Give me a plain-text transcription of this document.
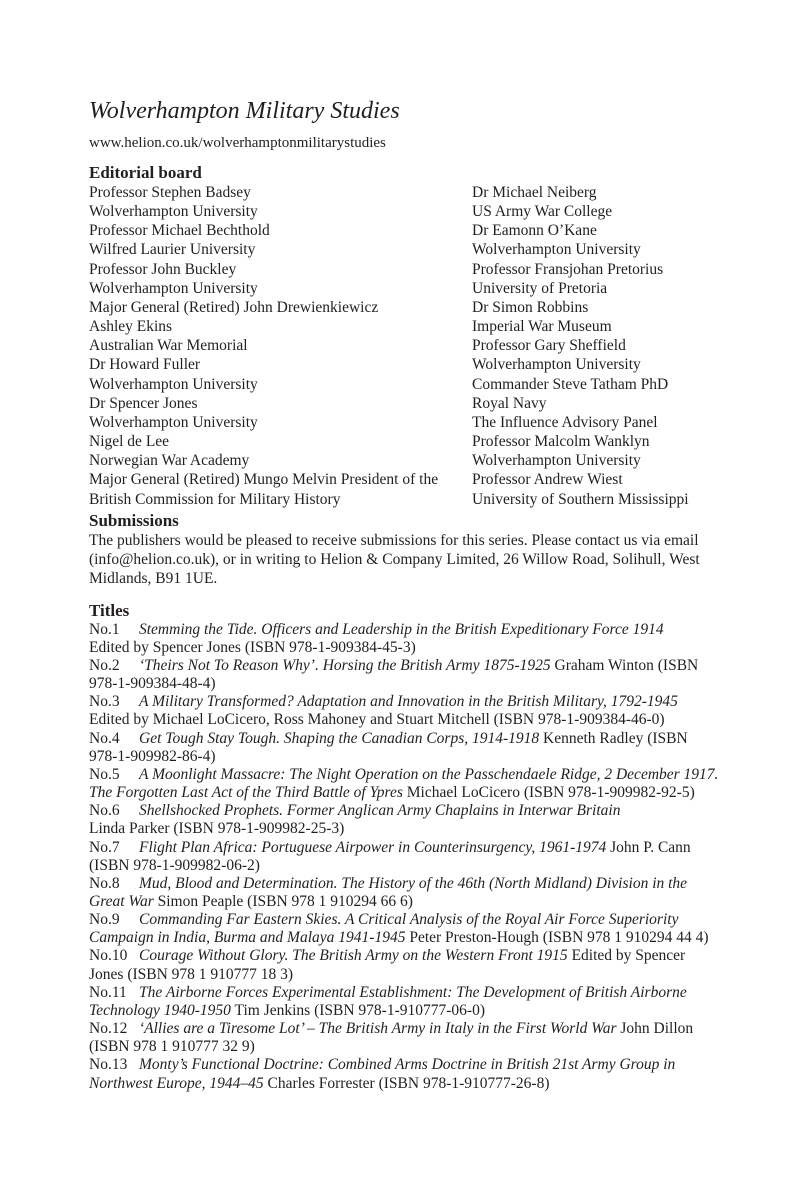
Wolverhampton Military Studies
www.helion.co.uk/wolverhamptonmilitarystudies
Editorial board
Professor Stephen Badsey
Wolverhampton University
Professor Michael Bechthold
Wilfred Laurier University
Professor John Buckley
Wolverhampton University
Major General (Retired) John Drewienkiewicz
Ashley Ekins
Australian War Memorial
Dr Howard Fuller
Wolverhampton University
Dr Spencer Jones
Wolverhampton University
Nigel de Lee
Norwegian War Academy
Major General (Retired) Mungo Melvin President of the British Commission for Military History
Dr Michael Neiberg
US Army War College
Dr Eamonn O’Kane
Wolverhampton University
Professor Fransjohan Pretorius
University of Pretoria
Dr Simon Robbins
Imperial War Museum
Professor Gary Sheffield
Wolverhampton University
Commander Steve Tatham PhD
Royal Navy
The Influence Advisory Panel
Professor Malcolm Wanklyn
Wolverhampton University
Professor Andrew Wiest
University of Southern Mississippi
Submissions

The publishers would be pleased to receive submissions for this series. Please contact us via email (info@helion.co.uk), or in writing to Helion & Company Limited, 26 Willow Road, Solihull, West Midlands, B91 1UE.

Titles
No.1 Stemming the Tide. Officers and Leadership in the British Expeditionary Force 1914
Edited by Spencer Jones (ISBN 978-1-909384-45-3)
No.2 ‘Theirs Not To Reason Why’. Horsing the British Army 1875-1925 Graham Winton (ISBN 978-1-909384-48-4)
No.3 A Military Transformed? Adaptation and Innovation in the British Military, 1792-1945
Edited by Michael LoCicero, Ross Mahoney and Stuart Mitchell (ISBN 978-1-909384-46-0)
No.4 Get Tough Stay Tough. Shaping the Canadian Corps, 1914-1918 Kenneth Radley (ISBN 978-1-909982-86-4)
No.5 A Moonlight Massacre: The Night Operation on the Passchendaele Ridge, 2 December 1917. The Forgotten Last Act of the Third Battle of Ypres Michael LoCicero (ISBN 978-1-909982-92-5)
No.6 Shellshocked Prophets. Former Anglican Army Chaplains in Interwar Britain
Linda Parker (ISBN 978-1-909982-25-3)
No.7 Flight Plan Africa: Portuguese Airpower in Counterinsurgency, 1961-1974 John P. Cann (ISBN 978-1-909982-06-2)
No.8 Mud, Blood and Determination. The History of the 46th (North Midland) Division in the Great War Simon Peaple (ISBN 978 1 910294 66 6)
No.9 Commanding Far Eastern Skies. A Critical Analysis of the Royal Air Force Superiority Campaign in India, Burma and Malaya 1941-1945 Peter Preston-Hough (ISBN 978 1 910294 44 4)
No.10 Courage Without Glory. The British Army on the Western Front 1915 Edited by Spencer Jones (ISBN 978 1 910777 18 3)
No.11 The Airborne Forces Experimental Establishment: The Development of British Airborne Technology 1940-1950 Tim Jenkins (ISBN 978-1-910777-06-0)
No.12 ‘Allies are a Tiresome Lot’ – The British Army in Italy in the First World War John Dillon (ISBN 978 1 910777 32 9)
No.13 Monty’s Functional Doctrine: Combined Arms Doctrine in British 21st Army Group in Northwest Europe, 1944–45 Charles Forrester (ISBN 978-1-910777-26-8)
